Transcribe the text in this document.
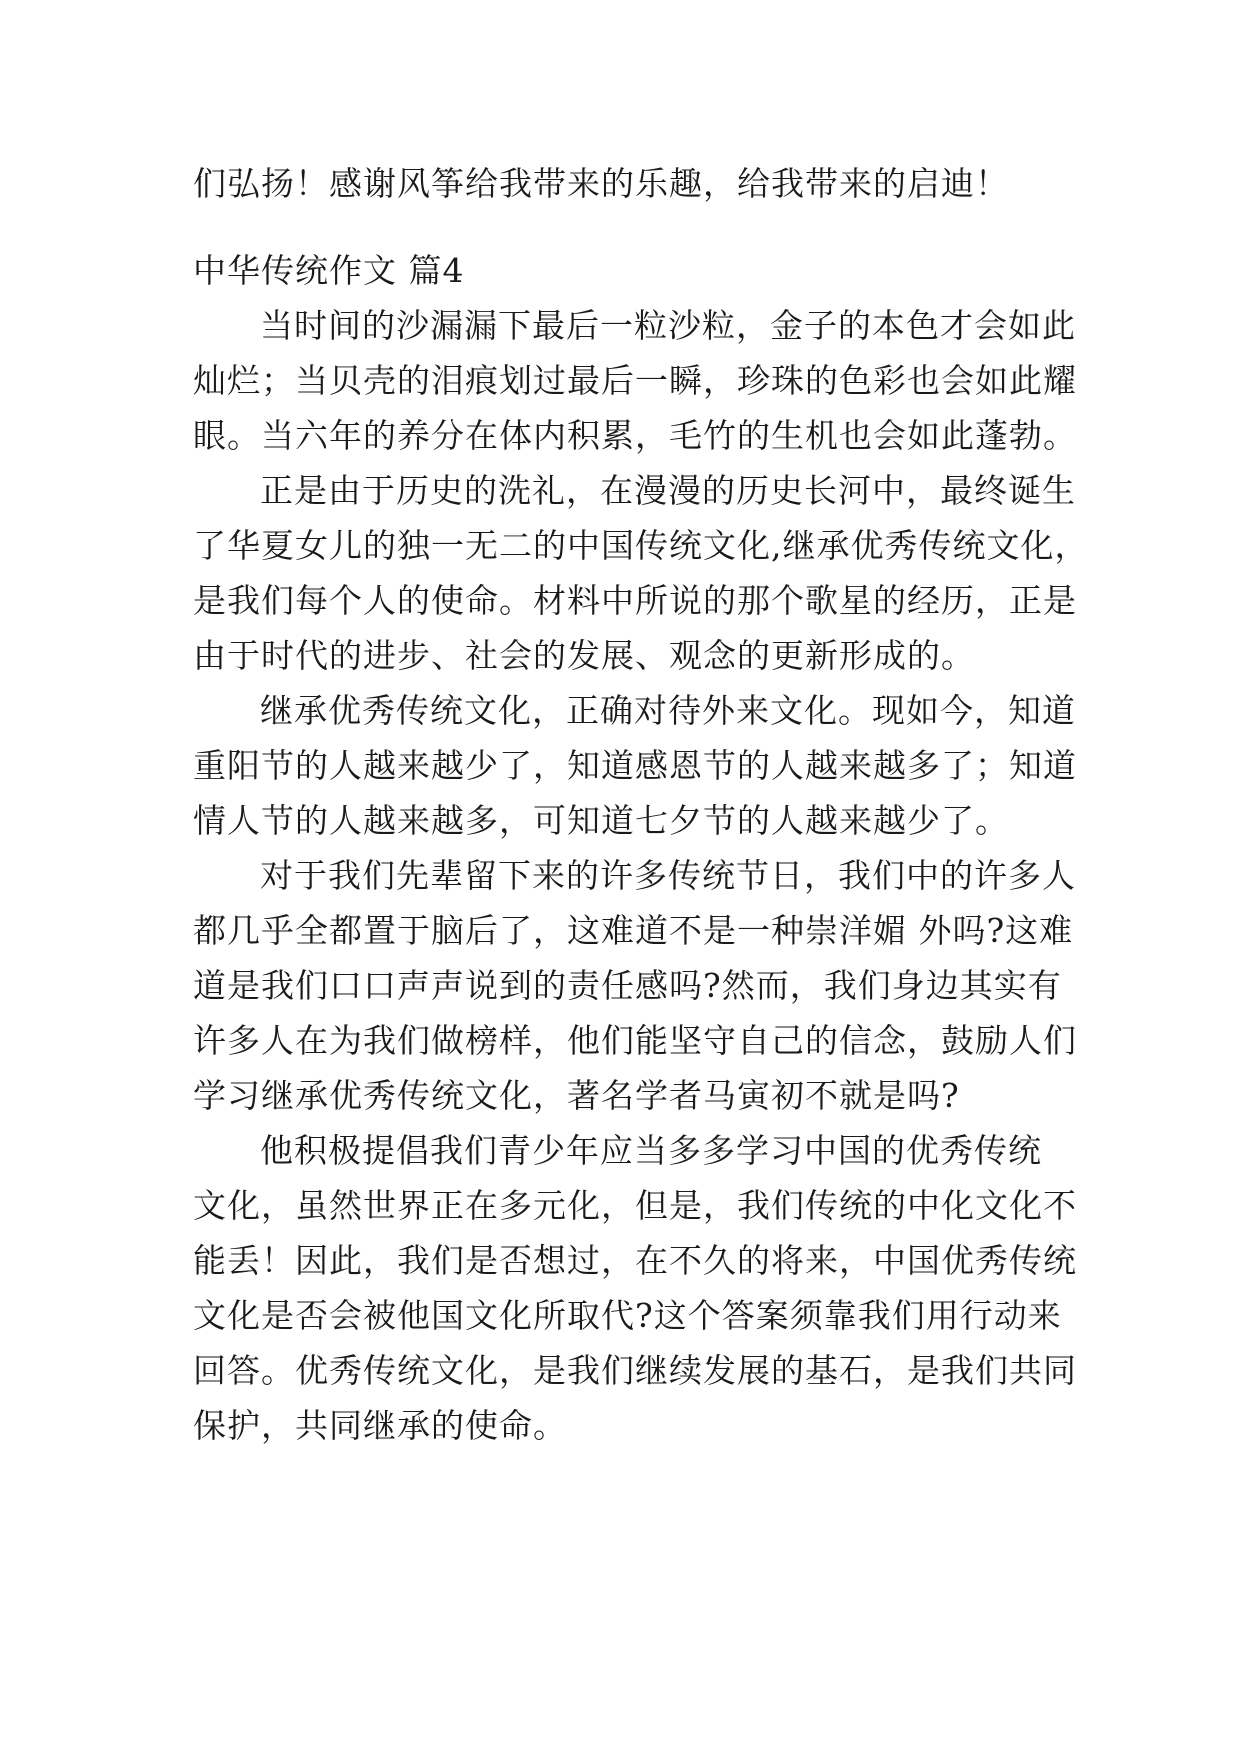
们弘扬！感谢风筝给我带来的乐趣，给我带来的启迪！
中华传统作文 篇4
当时间的沙漏漏下最后一粒沙粒，金子的本色才会如此
灿烂；当贝壳的泪痕划过最后一瞬，珍珠的色彩也会如此耀
眼。当六年的养分在体内积累，毛竹的生机也会如此蓬勃。
正是由于历史的洗礼，在漫漫的历史长河中，最终诞生
了华夏女儿的独一无二的中国传统文化,继承优秀传统文化，
是我们每个人的使命。材料中所说的那个歌星的经历，正是
由于时代的进步、社会的发展、观念的更新形成的。
继承优秀传统文化，正确对待外来文化。现如今，知道
重阳节的人越来越少了，知道感恩节的人越来越多了；知道
情人节的人越来越多，可知道七夕节的人越来越少了。
对于我们先辈留下来的许多传统节日，我们中的许多人
都几乎全都置于脑后了，这难道不是一种崇洋媚 外吗?这难
道是我们口口声声说到的责任感吗?然而，我们身边其实有
许多人在为我们做榜样，他们能坚守自己的信念，鼓励人们
学习继承优秀传统文化，著名学者马寅初不就是吗?
他积极提倡我们青少年应当多多学习中国的优秀传统
文化，虽然世界正在多元化，但是，我们传统的中化文化不
能丢！因此，我们是否想过，在不久的将来，中国优秀传统
文化是否会被他国文化所取代?这个答案须靠我们用行动来
回答。优秀传统文化，是我们继续发展的基石，是我们共同
保护，共同继承的使命。
